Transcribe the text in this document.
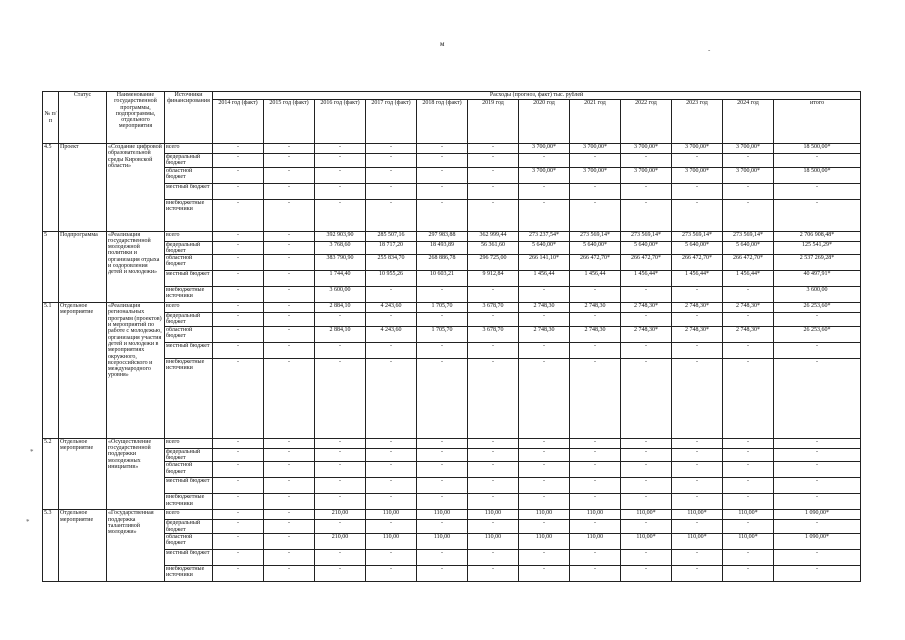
м
-
*
*
№ п/п	Статус	Наименование государственной программы, подпрограммы, отдельного мероприятия	Источники финансирования	Расходы (прогноз, факт) тыс. рублей											
				2014 год (факт)	2015 год (факт)	2016 год (факт)	2017 год (факт)	2018 год (факт)	2019 год	2020 год	2021 год	2022 год	2023 год	2024 год	итого
4.5	Проект	«Создание цифровой образовательной среды Кировской области»	всего	-	-	-	-	-	-	3 700,00*	3 700,00*	3 700,00*	3 700,00*	3 700,00*	18 500,00*
			федеральный бюджет	-	-	-	-	-	-	-	-	-	-	-	-
			областной бюджет	-	-	-	-	-	-	3 700,00*	3 700,00*	3 700,00*	3 700,00*	3 700,00*	18 500,00*
			местный бюджет	-	-	-	-	-	-	-	-	-	-	-	-
			внебюджетные источники	-	-	-	-	-	-	-	-	-	-	-	-
5	Подпрограмма	«Реализация государственной молодежной политики и организация отдыха и оздоровления детей и молодежи»	всего	-	-	392 903,90	285 507,16	297 983,88	362 999,44	273 237,54*	273 569,14*	273 569,14*	273 569,14*	273 569,14*	2 706 908,48*
			федеральный бюджет	-	-	3 768,60	18 717,20	18 493,89	56 361,60	5 640,00*	5 640,00*	5 640,00*	5 640,00*	5 640,00*	125 541,29*
			областной бюджет	-	-	383 790,90	255 834,70	268 886,78	296 725,00	266 141,10*	266 472,70*	266 472,70*	266 472,70*	266 472,70*	2 537 269,28*
			местный бюджет	-	-	1 744,40	10 955,26	10 603,21	9 912,84	1 456,44	1 456,44	1 456,44*	1 456,44*	1 456,44*	40 497,91*
			внебюджетные источники	-	-	3 600,00	-	-	-	-	-	-	-	-	3 600,00
5.1	Отдельное мероприятие	«Реализация региональных программ (проектов) и мероприятий по работе с молодежью, организация участия детей и молодежи в мероприятиях окружного, всероссийского и международного уровня»	всего	-	-	2 884,10	4 243,60	1 705,70	3 678,70	2 748,30	2 748,30	2 748,30*	2 748,30*	2 748,30*	26 253,60*
			федеральный бюджет	-	-	-	-	-	-	-	-	-	-	-	-
			областной бюджет	-	-	2 884,10	4 243,60	1 705,70	3 678,70	2 748,30	2 748,30	2 748,30*	2 748,30*	2 748,30*	26 253,60*
			местный бюджет	-	-	-	-	-	-	-	-	-	-	-	-
			внебюджетные источники	-	-	-	-	-	-	-	-	-	-	-	-
5.2	Отдельное мероприятие	«Осуществление государственной поддержки молодежных инициатив»	всего	-	-	-	-	-	-	-	-	-	-	-	-
			федеральный бюджет	-	-	-	-	-	-	-	-	-	-	-	-
			областной бюджет	-	-	-	-	-	-	-	-	-	-	-	-
			местный бюджет	-	-	-	-	-	-	-	-	-	-	-	-
			внебюджетные источники	-	-	-	-	-	-	-	-	-	-	-	-
5.3	Отдельное мероприятие	«Государственная поддержка талантливой молодежи»	всего	-	-	210,00	110,00	110,00	110,00	110,00	110,00	110,00*	110,00*	110,00*	1 090,00*
			федеральный бюджет	-	-	-	-	-	-	-	-	-	-	-	-
			областной бюджет	-	-	210,00	110,00	110,00	110,00	110,00	110,00	110,00*	110,00*	110,00*	1 090,00*
			местный бюджет	-	-	-	-	-	-	-	-	-	-	-	-
			внебюджетные источники	-	-	-	-	-	-	-	-	-	-	-	-
